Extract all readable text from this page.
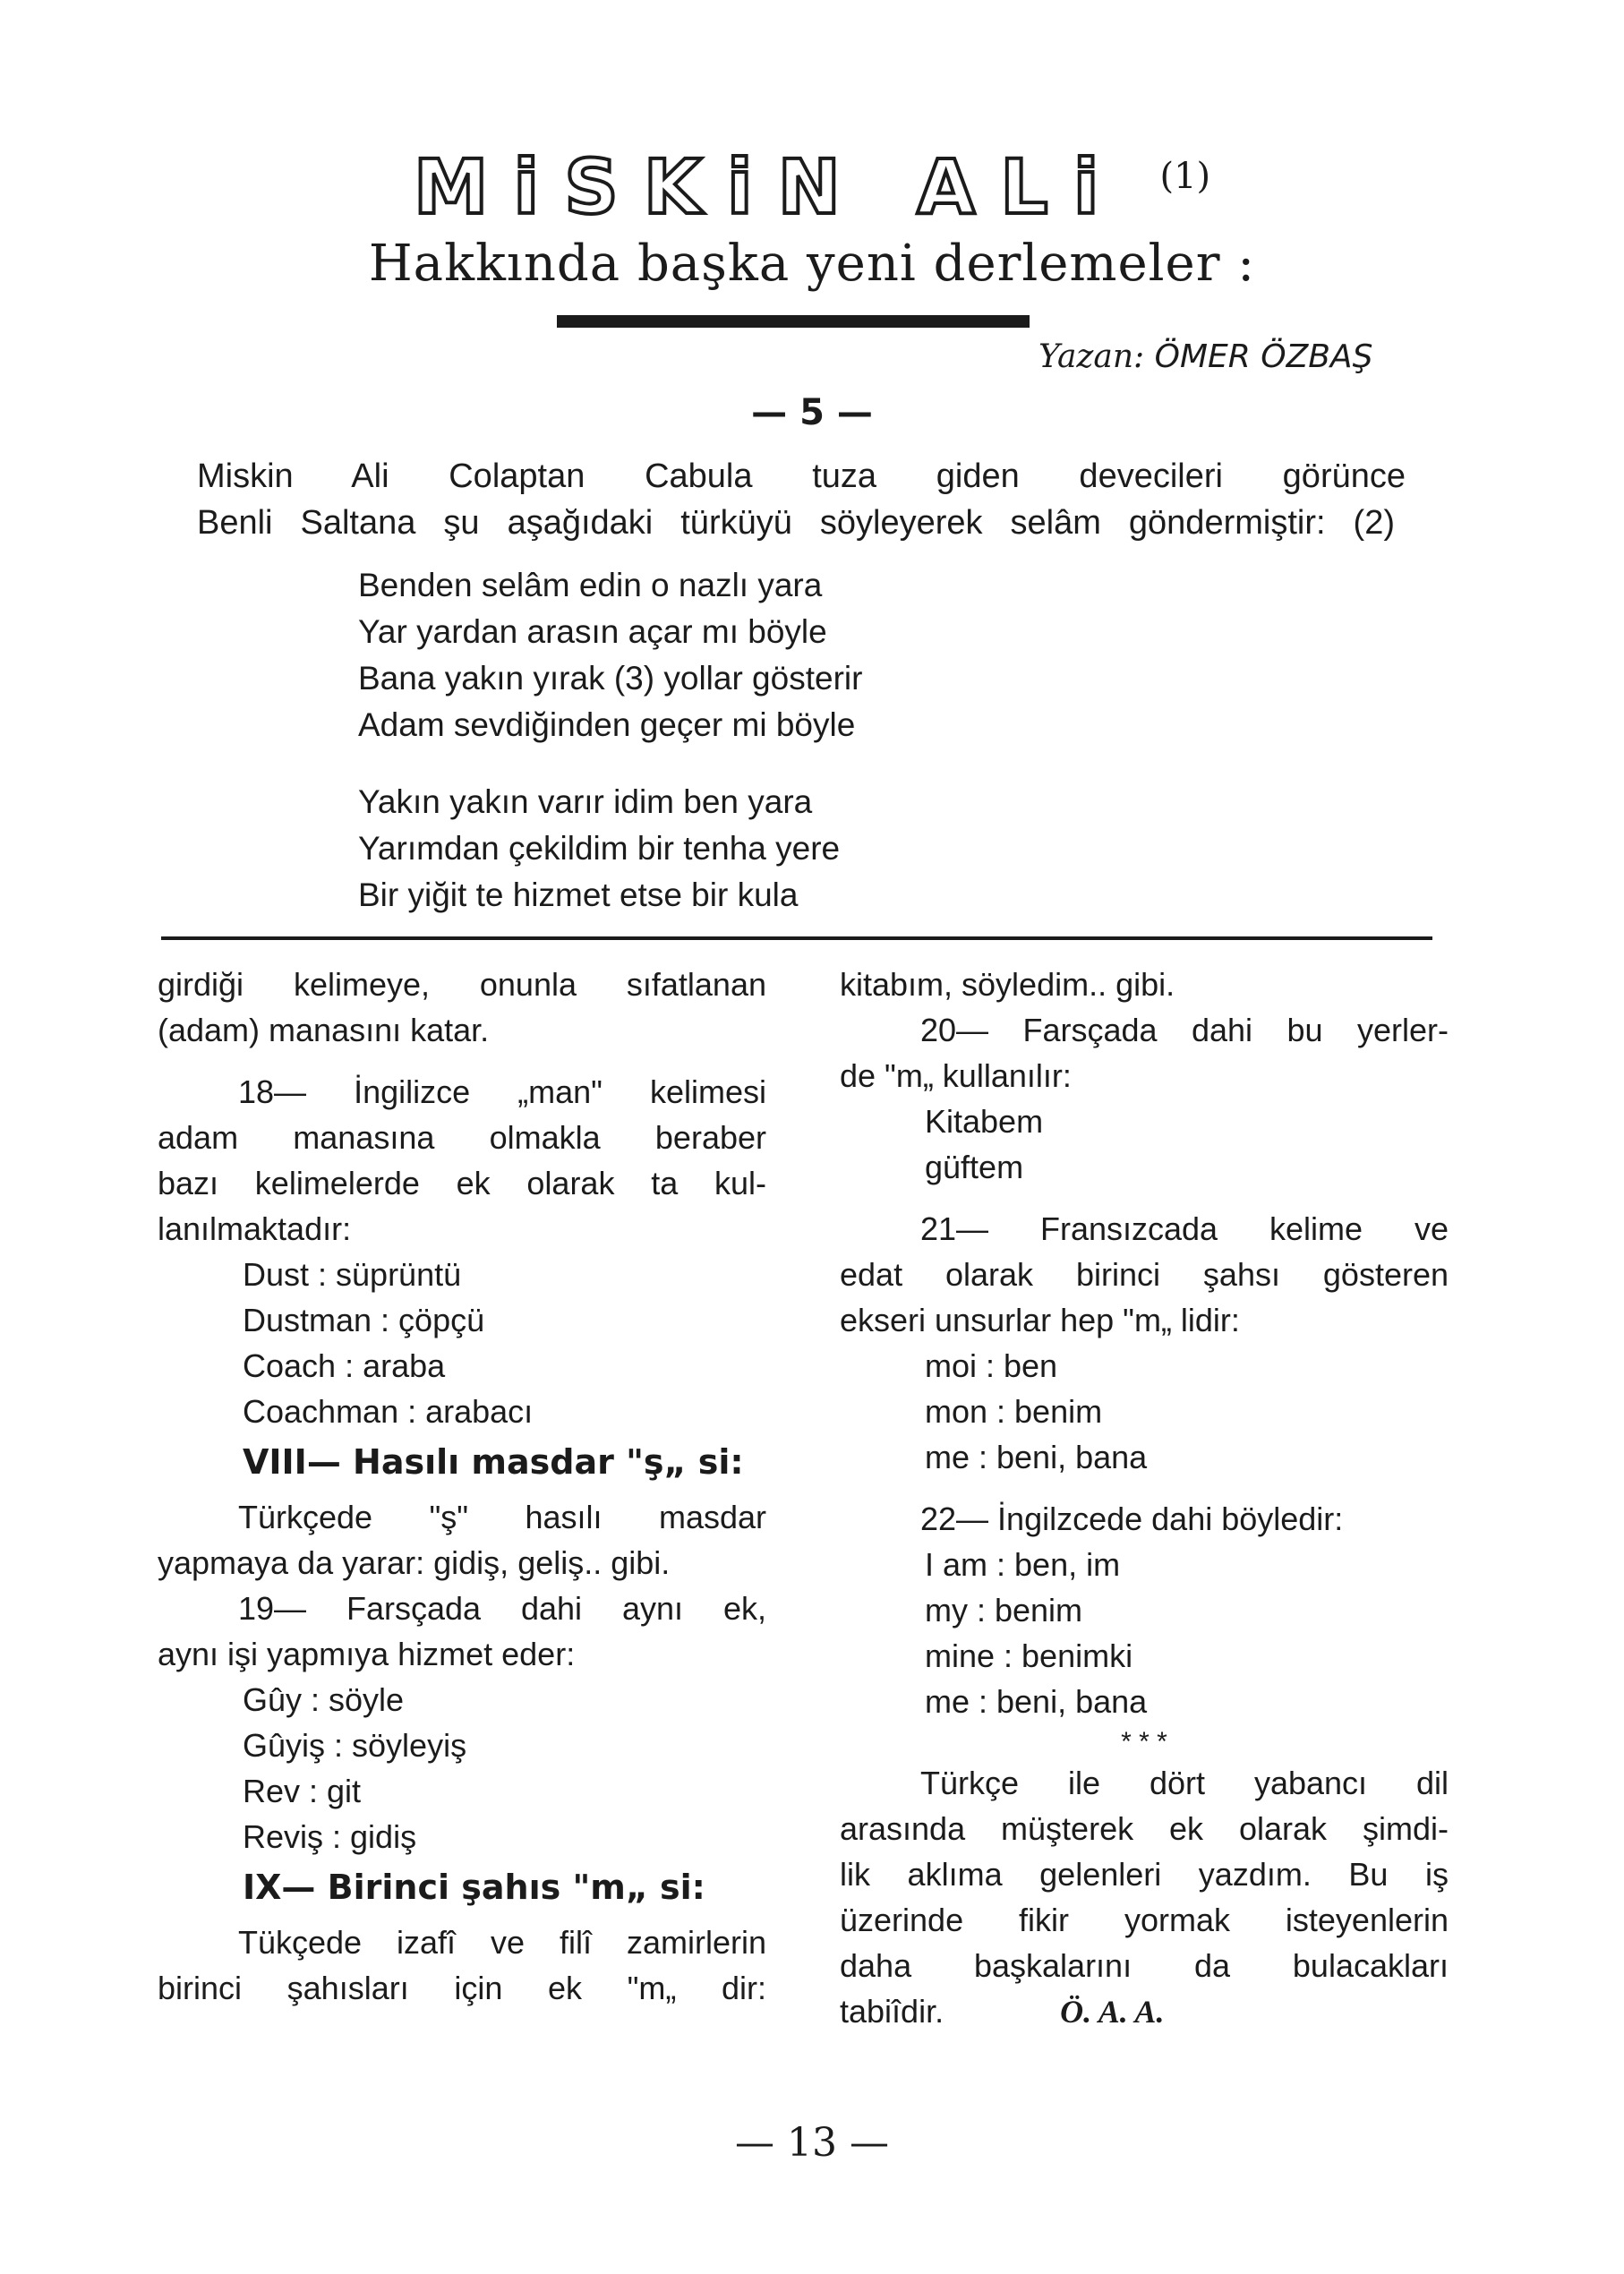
MiSKiN ALi (1)
Hakkında başka yeni derlemeler :
Yazan: ÖMER ÖZBAŞ
— 5 —
Miskin Ali Colaptan Cabula tuza giden devecileri görünce
Benli Saltana şu aşağıdaki türküyü söyleyerek selâm göndermiştir: (2)
Benden selâm edin o nazlı yara
Yar yardan arasın açar mı böyle
Bana yakın yırak (3) yollar gösterir
Adam sevdiğinden geçer mi böyle
Yakın yakın varır idim ben yara
Yarımdan çekildim bir tenha yere
Bir yiğit te hizmet etse bir kula
girdiği kelimeye, onunla sıfatlanan
(adam) manasını katar.
18— İngilizce „man" kelimesi
adam manasına olmakla beraber
bazı kelimelerde ek olarak ta kul-
lanılmaktadır:
Dust : süprüntü
Dustman : çöpçü
Coach : araba
Coachman : arabacı
VIII— Hasılı masdar "ş„ si:
Türkçede "ş" hasılı masdar
yapmaya da yarar: gidiş, geliş.. gibi.
19— Farsçada dahi aynı ek,
aynı işi yapmıya hizmet eder:
Gûy : söyle
Gûyiş : söyleyiş
Rev : git
Reviş : gidiş
IX— Birinci şahıs "m„ si:
Tükçede izafî ve filî zamirlerin
birinci şahısları için ek "m„ dir:
kitabım, söyledim.. gibi.
20— Farsçada dahi bu yerler-
de "m„ kullanılır:
Kitabem
güftem
21— Fransızcada kelime ve
edat olarak birinci şahsı gösteren
ekseri unsurlar hep "m„ lidir:
moi : ben
mon : benim
me : beni, bana
22— İngilzcede dahi böyledir:
I am : ben, im
my : benim
mine : benimki
me : beni, bana
* * *
Türkçe ile dört yabancı dil
arasında müşterek ek olarak şimdi-
lik aklıma gelenleri yazdım. Bu iş
üzerinde fikir yormak isteyenlerin
daha başkalarını da bulacakları
tabiîdir.	Ö. A. A.
— 13 —
